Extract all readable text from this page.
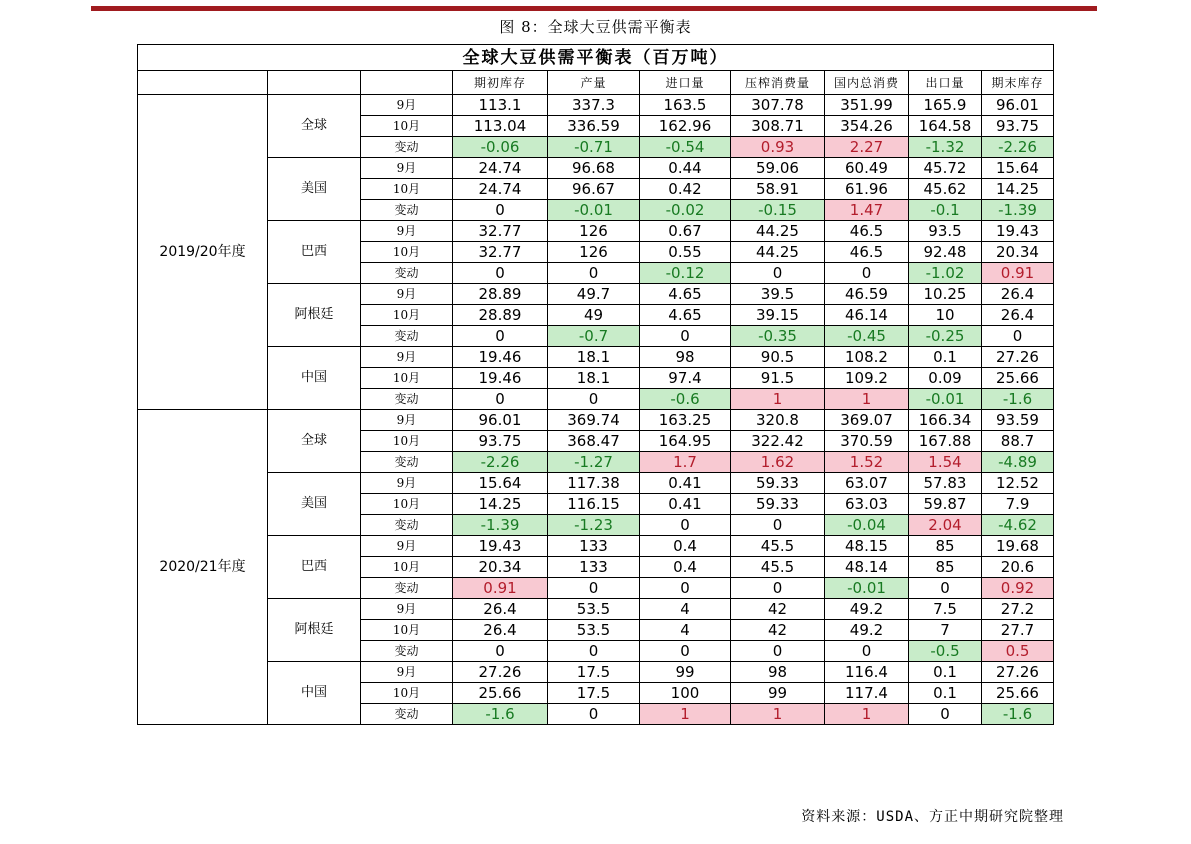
图 8：全球大豆供需平衡表
全球大豆供需平衡表（百万吨）									
			期初库存	产量	进口量	压榨消费量	国内总消费	出口量	期末库存
2019/20年度	全球	9月	113.1	337.3	163.5	307.78	351.99	165.9	96.01
		10月	113.04	336.59	162.96	308.71	354.26	164.58	93.75
		变动	-0.06	-0.71	-0.54	0.93	2.27	-1.32	-2.26
	美国	9月	24.74	96.68	0.44	59.06	60.49	45.72	15.64
		10月	24.74	96.67	0.42	58.91	61.96	45.62	14.25
		变动	0	-0.01	-0.02	-0.15	1.47	-0.1	-1.39
	巴西	9月	32.77	126	0.67	44.25	46.5	93.5	19.43
		10月	32.77	126	0.55	44.25	46.5	92.48	20.34
		变动	0	0	-0.12	0	0	-1.02	0.91
	阿根廷	9月	28.89	49.7	4.65	39.5	46.59	10.25	26.4
		10月	28.89	49	4.65	39.15	46.14	10	26.4
		变动	0	-0.7	0	-0.35	-0.45	-0.25	0
	中国	9月	19.46	18.1	98	90.5	108.2	0.1	27.26
		10月	19.46	18.1	97.4	91.5	109.2	0.09	25.66
		变动	0	0	-0.6	1	1	-0.01	-1.6
2020/21年度	全球	9月	96.01	369.74	163.25	320.8	369.07	166.34	93.59
		10月	93.75	368.47	164.95	322.42	370.59	167.88	88.7
		变动	-2.26	-1.27	1.7	1.62	1.52	1.54	-4.89
	美国	9月	15.64	117.38	0.41	59.33	63.07	57.83	12.52
		10月	14.25	116.15	0.41	59.33	63.03	59.87	7.9
		变动	-1.39	-1.23	0	0	-0.04	2.04	-4.62
	巴西	9月	19.43	133	0.4	45.5	48.15	85	19.68
		10月	20.34	133	0.4	45.5	48.14	85	20.6
		变动	0.91	0	0	0	-0.01	0	0.92
	阿根廷	9月	26.4	53.5	4	42	49.2	7.5	27.2
		10月	26.4	53.5	4	42	49.2	7	27.7
		变动	0	0	0	0	0	-0.5	0.5
	中国	9月	27.26	17.5	99	98	116.4	0.1	27.26
		10月	25.66	17.5	100	99	117.4	0.1	25.66
		变动	-1.6	0	1	1	1	0	-1.6
资料来源：USDA、方正中期研究院整理
